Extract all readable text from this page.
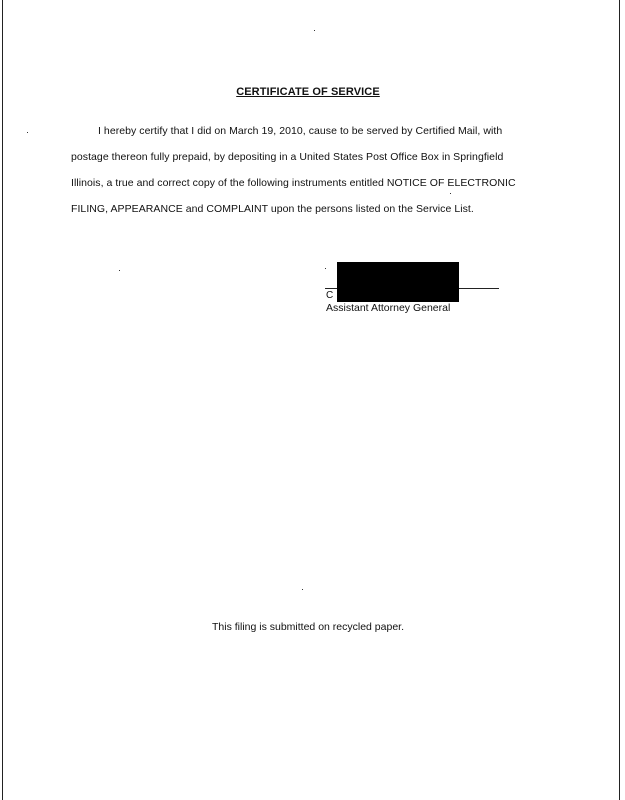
CERTIFICATE OF SERVICE
I hereby certify that I did on March 19, 2010, cause to be served by Certified Mail, with
postage thereon fully prepaid, by depositing in a United States Post Office Box in Springfield
Illinois, a true and correct copy of the following instruments entitled NOTICE OF ELECTRONIC
FILING, APPEARANCE and COMPLAINT upon the persons listed on the Service List.
C
Assistant Attorney General
This filing is submitted on recycled paper.
